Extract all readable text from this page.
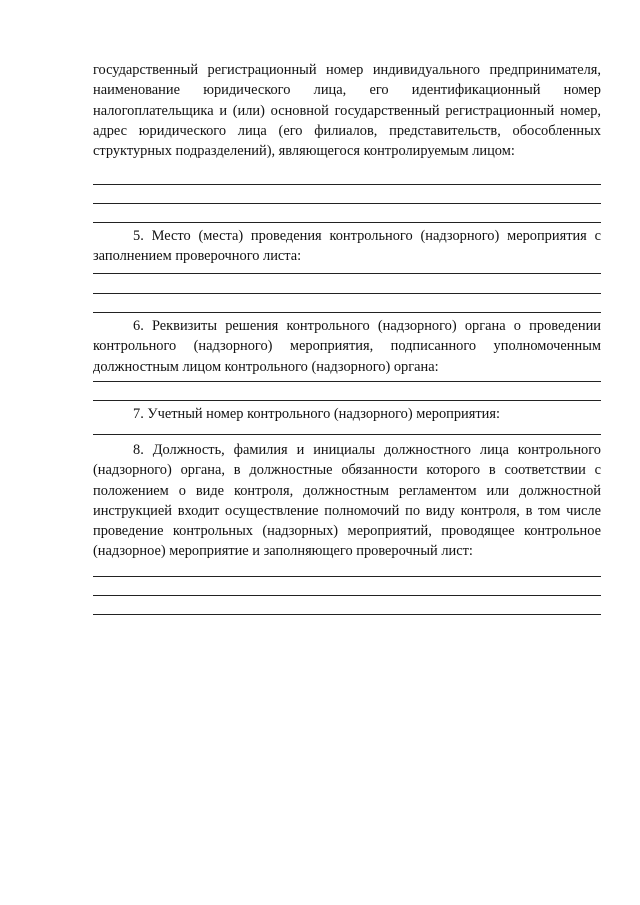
государственный регистрационный номер индивидуального предпринимателя, наименование юридического лица, его идентификационный номер налогоплательщика и (или) основной государственный регистрационный номер, адрес юридического лица (его филиалов, представительств, обособленных структурных подразделений), являющегося контролируемым лицом:

5. Место (места) проведения контрольного (надзорного) мероприятия с заполнением проверочного листа:

6. Реквизиты решения контрольного (надзорного) органа о проведении контрольного (надзорного) мероприятия, подписанного уполномоченным должностным лицом контрольного (надзорного) органа:

7. Учетный номер контрольного (надзорного) мероприятия:

8. Должность, фамилия и инициалы должностного лица контрольного (надзорного) органа, в должностные обязанности которого в соответствии с положением о виде контроля, должностным регламентом или должностной инструкцией входит осуществление полномочий по виду контроля, в том числе проведение контрольных (надзорных) мероприятий, проводящее контрольное (надзорное) мероприятие и заполняющего проверочный лист:
